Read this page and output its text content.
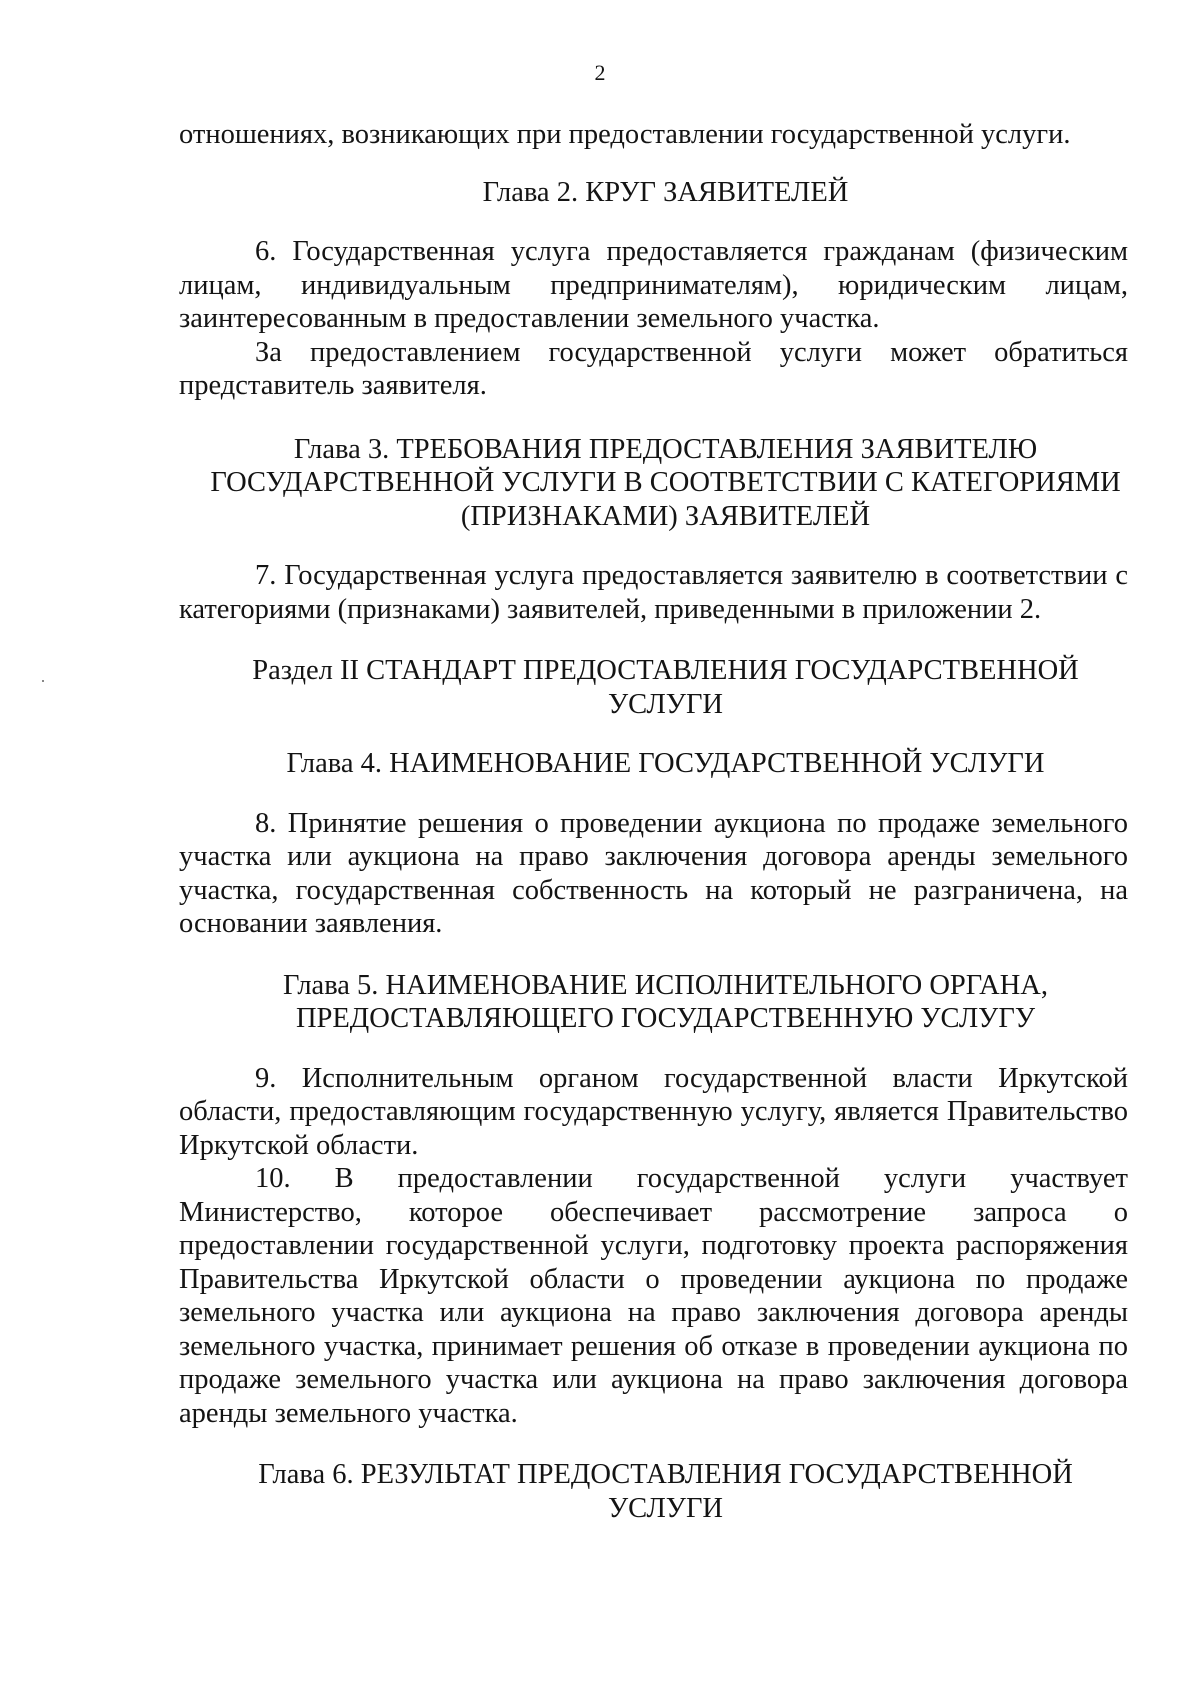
2

отношениях, возникающих при предоставлении государственной услуги.

Глава 2. КРУГ ЗАЯВИТЕЛЕЙ

6. Государственная услуга предоставляется гражданам (физическим лицам, индивидуальным предпринимателям), юридическим лицам, заинтересованным в предоставлении земельного участка.

За предоставлением государственной услуги может обратиться представитель заявителя.

Глава 3. ТРЕБОВАНИЯ ПРЕДОСТАВЛЕНИЯ ЗАЯВИТЕЛЮ

ГОСУДАРСТВЕННОЙ УСЛУГИ В СООТВЕТСТВИИ С КАТЕГОРИЯМИ

(ПРИЗНАКАМИ) ЗАЯВИТЕЛЕЙ

7. Государственная услуга предоставляется заявителю в соответствии с категориями (признаками) заявителей, приведенными в приложении 2.

Раздел II СТАНДАРТ ПРЕДОСТАВЛЕНИЯ ГОСУДАРСТВЕННОЙ

УСЛУГИ

Глава 4. НАИМЕНОВАНИЕ ГОСУДАРСТВЕННОЙ УСЛУГИ

8. Принятие решения о проведении аукциона по продаже земельного участка или аукциона на право заключения договора аренды земельного участка, государственная собственность на который не разграничена, на основании заявления.

Глава 5. НАИМЕНОВАНИЕ ИСПОЛНИТЕЛЬНОГО ОРГАНА,

ПРЕДОСТАВЛЯЮЩЕГО ГОСУДАРСТВЕННУЮ УСЛУГУ

9. Исполнительным органом государственной власти Иркутской области, предоставляющим государственную услугу, является Правительство Иркутской области.

10. В предоставлении государственной услуги участвует Министерство, которое обеспечивает рассмотрение запроса о предоставлении государственной услуги, подготовку проекта распоряжения Правительства Иркутской области о проведении аукциона по продаже земельного участка или аукциона на право заключения договора аренды земельного участка, принимает решения об отказе в проведении аукциона по продаже земельного участка или аукциона на право заключения договора аренды земельного участка.

Глава 6. РЕЗУЛЬТАТ ПРЕДОСТАВЛЕНИЯ ГОСУДАРСТВЕННОЙ

УСЛУГИ
